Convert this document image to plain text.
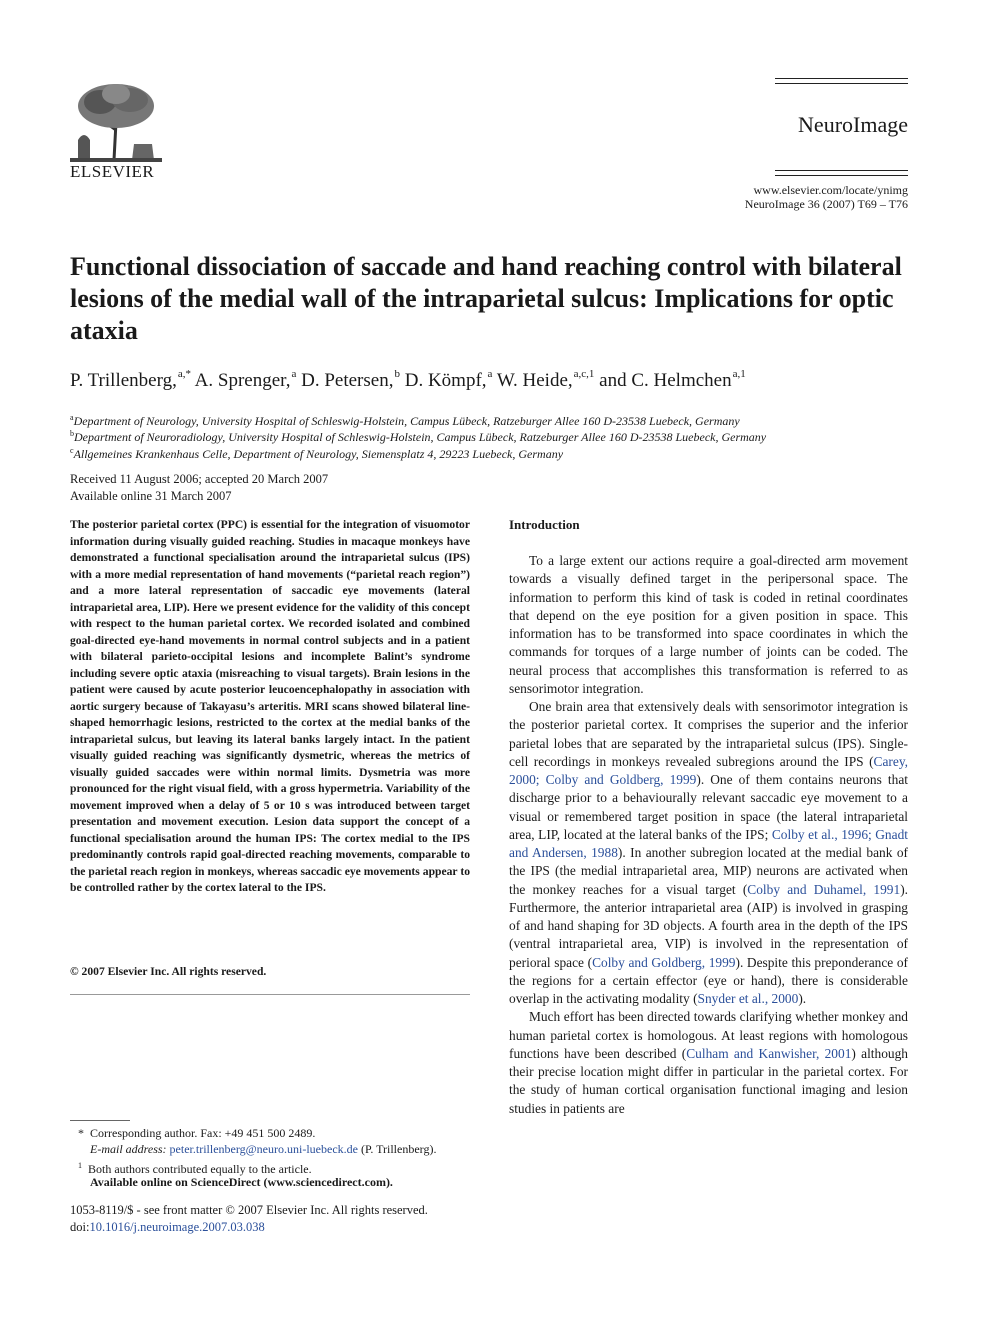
ELSEVIER
NeuroImage
www.elsevier.com/locate/ynimg
NeuroImage 36 (2007) T69 – T76
Functional dissociation of saccade and hand reaching control with bilateral lesions of the medial wall of the intraparietal sulcus: Implications for optic ataxia
P. Trillenberg,$^{a,*}$ A. Sprenger,$^a$ D. Petersen,$^b$ D. Kömpf,$^a$ W. Heide,$^{a,c,1}$ and C. Helmchen$^{a,1}$
$^a$Department of Neurology, University Hospital of Schleswig-Holstein, Campus Lübeck, Ratzeburger Allee 160 D-23538 Luebeck, Germany
$^b$Department of Neuroradiology, University Hospital of Schleswig-Holstein, Campus Lübeck, Ratzeburger Allee 160 D-23538 Luebeck, Germany
$^c$Allgemeines Krankenhaus Celle, Department of Neurology, Siemensplatz 4, 29223 Luebeck, Germany
Received 11 August 2006; accepted 20 March 2007
Available online 31 March 2007
The posterior parietal cortex (PPC) is essential for the integration of visuomotor information during visually guided reaching. Studies in macaque monkeys have demonstrated a functional specialisation around the intraparietal sulcus (IPS) with a more medial representation of hand movements (“parietal reach region”) and a more lateral representation of saccadic eye movements (lateral intraparietal area, LIP). Here we present evidence for the validity of this concept with respect to the human parietal cortex. We recorded isolated and combined goal-directed eye-hand movements in normal control subjects and in a patient with bilateral parieto-occipital lesions and incomplete Balint’s syndrome including severe optic ataxia (misreaching to visual targets). Brain lesions in the patient were caused by acute posterior leucoencephalopathy in association with aortic surgery because of Takayasu’s arteritis. MRI scans showed bilateral line-shaped hemorrhagic lesions, restricted to the cortex at the medial banks of the intraparietal sulcus, but leaving its lateral banks largely intact. In the patient visually guided reaching was significantly dysmetric, whereas the metrics of visually guided saccades were within normal limits. Dysmetria was more pronounced for the right visual field, with a gross hypermetria. Variability of the movement improved when a delay of 5 or 10 s was introduced between target presentation and movement execution. Lesion data support the concept of a functional specialisation around the human IPS: The cortex medial to the IPS predominantly controls rapid goal-directed reaching movements, comparable to the parietal reach region in monkeys, whereas saccadic eye movements appear to be controlled rather by the cortex lateral to the IPS.
© 2007 Elsevier Inc. All rights reserved.
*  Corresponding author. Fax: +49 451 500 2489.
E-mail address: peter.trillenberg@neuro.uni-luebeck.de (P. Trillenberg).
$^1$ Both authors contributed equally to the article.
Available online on ScienceDirect (www.sciencedirect.com).
1053-8119/$ - see front matter © 2007 Elsevier Inc. All rights reserved.
doi:10.1016/j.neuroimage.2007.03.038
Introduction

To a large extent our actions require a goal-directed arm movement towards a visually defined target in the peripersonal space. The information to perform this kind of task is coded in retinal coordinates that depend on the eye position for a given position in space. This information has to be transformed into space coordinates in which the commands for torques of a large number of joints can be coded. The neural process that accomplishes this transformation is referred to as sensorimotor integration.

One brain area that extensively deals with sensorimotor integration is the posterior parietal cortex. It comprises the superior and the inferior parietal lobes that are separated by the intraparietal sulcus (IPS). Single-cell recordings in monkeys revealed subregions around the IPS (Carey, 2000; Colby and Goldberg, 1999). One of them contains neurons that discharge prior to a behaviourally relevant saccadic eye movement to a visual or remembered target position in space (the lateral intraparietal area, LIP, located at the lateral banks of the IPS; Colby et al., 1996; Gnadt and Andersen, 1988). In another subregion located at the medial bank of the IPS (the medial intraparietal area, MIP) neurons are activated when the monkey reaches for a visual target (Colby and Duhamel, 1991). Furthermore, the anterior intraparietal area (AIP) is involved in grasping of and hand shaping for 3D objects. A fourth area in the depth of the IPS (ventral intraparietal area, VIP) is involved in the representation of perioral space (Colby and Goldberg, 1999). Despite this preponderance of the regions for a certain effector (eye or hand), there is considerable overlap in the activating modality (Snyder et al., 2000).

Much effort has been directed towards clarifying whether monkey and human parietal cortex is homologous. At least regions with homologous functions have been described (Culham and Kanwisher, 2001) although their precise location might differ in particular in the parietal cortex. For the study of human cortical organisation functional imaging and lesion studies in patients are
